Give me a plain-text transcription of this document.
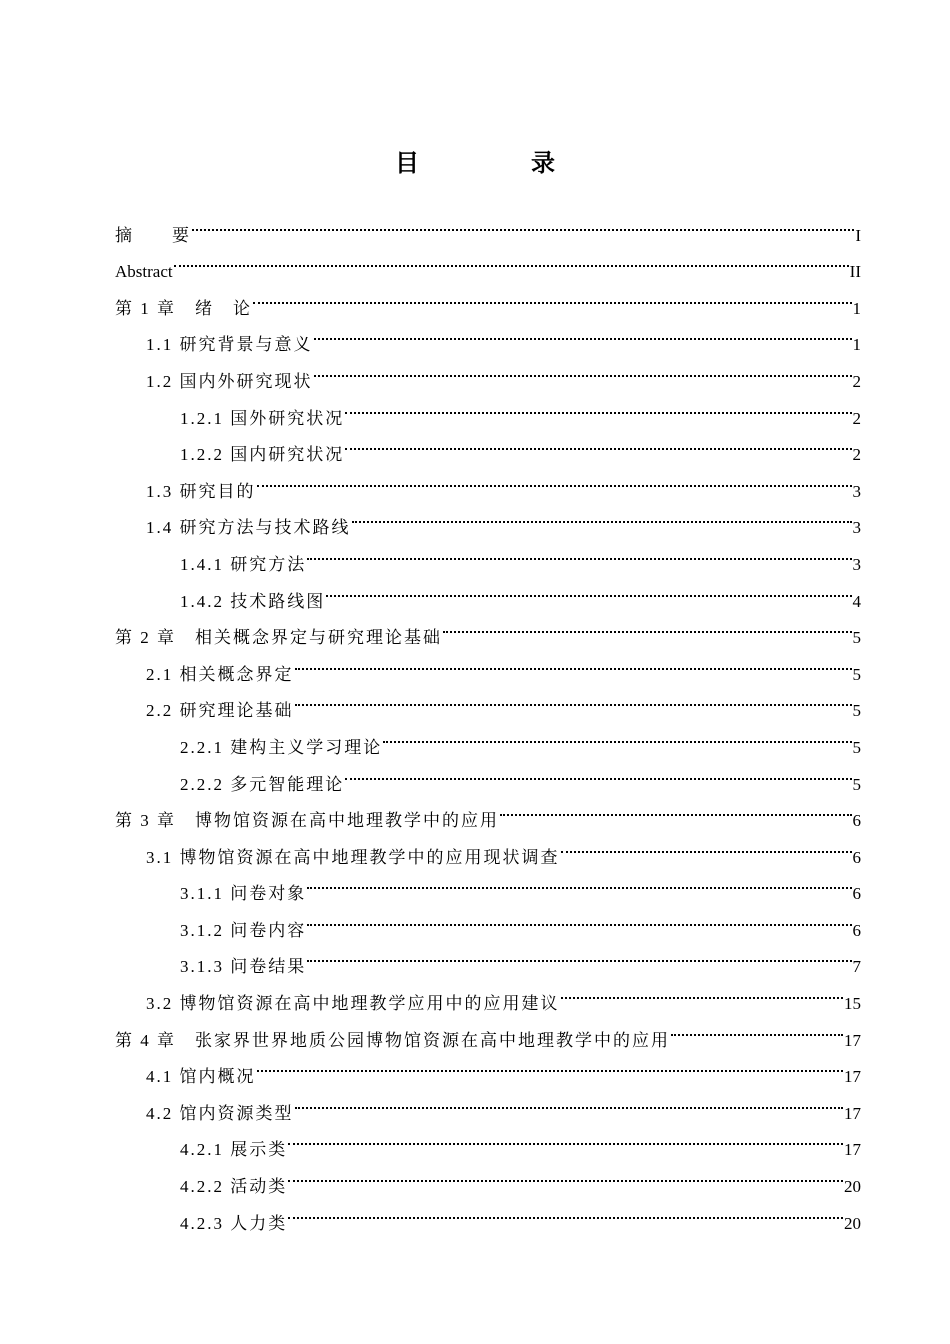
目　录
摘　　要	I
Abstract	II
第 1 章　绪　论	1
1.1 研究背景与意义	1
1.2 国内外研究现状	2
1.2.1 国外研究状况	2
1.2.2 国内研究状况	2
1.3 研究目的	3
1.4 研究方法与技术路线	3
1.4.1 研究方法	3
1.4.2 技术路线图	4
第 2 章　相关概念界定与研究理论基础	5
2.1 相关概念界定	5
2.2 研究理论基础	5
2.2.1 建构主义学习理论	5
2.2.2 多元智能理论	5
第 3 章　博物馆资源在高中地理教学中的应用	6
3.1 博物馆资源在高中地理教学中的应用现状调查	6
3.1.1 问卷对象	6
3.1.2 问卷内容	6
3.1.3 问卷结果	7
3.2 博物馆资源在高中地理教学应用中的应用建议	15
第 4 章　张家界世界地质公园博物馆资源在高中地理教学中的应用	17
4.1 馆内概况	17
4.2 馆内资源类型	17
4.2.1 展示类	17
4.2.2 活动类	20
4.2.3 人力类	20
